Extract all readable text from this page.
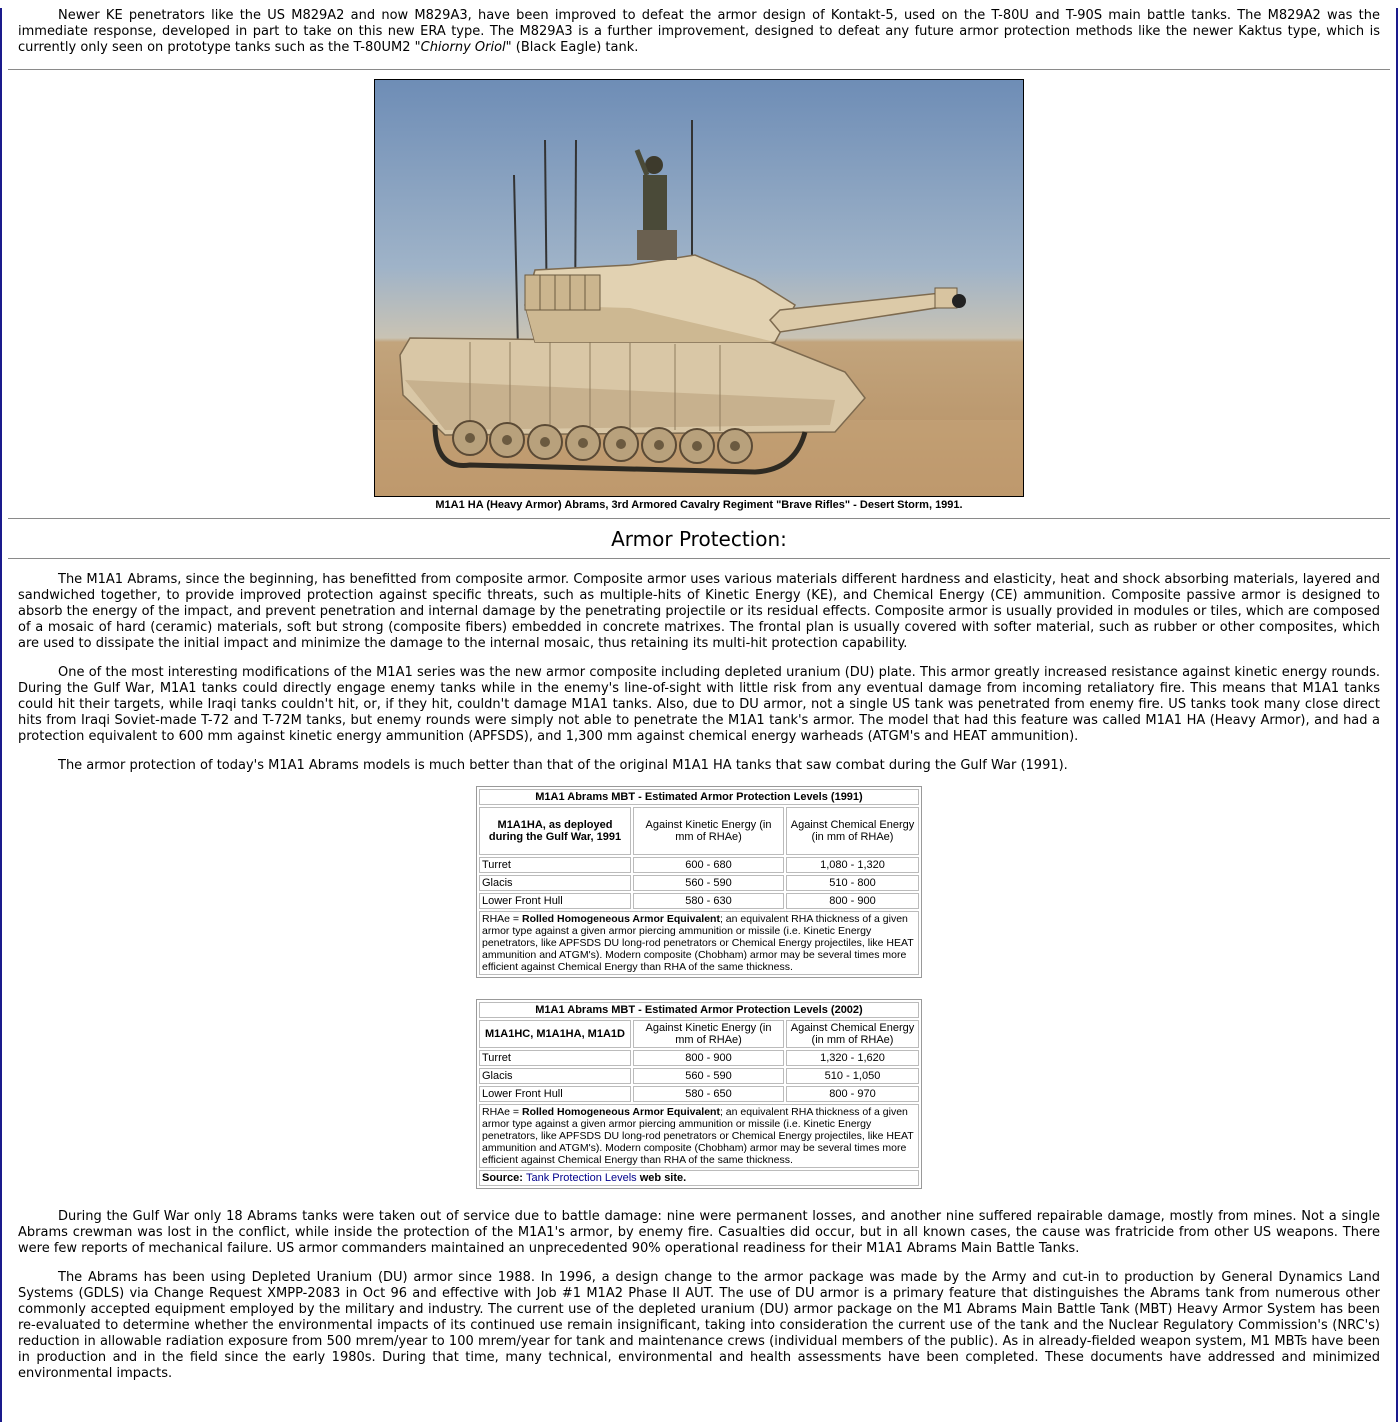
Newer KE penetrators like the US M829A2 and now M829A3, have been improved to defeat the armor design of Kontakt-5, used on the T-80U and T-90S main battle tanks. The M829A2 was the immediate response, developed in part to take on this new ERA type. The M829A3 is a further improvement, designed to defeat any future armor protection methods like the newer Kaktus type, which is currently only seen on prototype tanks such as the T-80UM2 "Chiorny Oriol" (Black Eagle) tank.

M1A1 HA (Heavy Armor) Abrams, 3rd Armored Cavalry Regiment "Brave Rifles" - Desert Storm, 1991.
Armor Protection:

The M1A1 Abrams, since the beginning, has benefitted from composite armor. Composite armor uses various materials different hardness and elasticity, heat and shock absorbing materials, layered and sandwiched together, to provide improved protection against specific threats, such as multiple-hits of Kinetic Energy (KE), and Chemical Energy (CE) ammunition. Composite passive armor is designed to absorb the energy of the impact, and prevent penetration and internal damage by the penetrating projectile or its residual effects. Composite armor is usually provided in modules or tiles, which are composed of a mosaic of hard (ceramic) materials, soft but strong (composite fibers) embedded in concrete matrixes. The frontal plan is usually covered with softer material, such as rubber or other composites, which are used to dissipate the initial impact and minimize the damage to the internal mosaic, thus retaining its multi-hit protection capability.

One of the most interesting modifications of the M1A1 series was the new armor composite including depleted uranium (DU) plate. This armor greatly increased resistance against kinetic energy rounds. During the Gulf War, M1A1 tanks could directly engage enemy tanks while in the enemy's line-of-sight with little risk from any eventual damage from incoming retaliatory fire. This means that M1A1 tanks could hit their targets, while Iraqi tanks couldn't hit, or, if they hit, couldn't damage M1A1 tanks. Also, due to DU armor, not a single US tank was penetrated from enemy fire. US tanks took many close direct hits from Iraqi Soviet-made T-72 and T-72M tanks, but enemy rounds were simply not able to penetrate the M1A1 tank's armor. The model that had this feature was called M1A1 HA (Heavy Armor), and had a protection equivalent to 600 mm against kinetic energy ammunition (APFSDS), and 1,300 mm against chemical energy warheads (ATGM's and HEAT ammunition).

The armor protection of today's M1A1 Abrams models is much better than that of the original M1A1 HA tanks that saw combat during the Gulf War (1991).

M1A1 Abrams MBT - Estimated Armor Protection Levels (1991)		
M1A1HA, as deployed during the Gulf War, 1991	Against Kinetic Energy (in mm of RHAe)	Against Chemical Energy (in mm of RHAe)
Turret	600 - 680	1,080 - 1,320
Glacis	560 - 590	510 - 800
Lower Front Hull	580 - 630	800 - 900
RHAe = Rolled Homogeneous Armor Equivalent; an equivalent RHA thickness of a given armor type against a given armor piercing ammunition or missile (i.e. Kinetic Energy penetrators, like APFSDS DU long-rod penetrators or Chemical Energy projectiles, like HEAT ammunition and ATGM's). Modern composite (Chobham) armor may be several times more efficient against Chemical Energy than RHA of the same thickness.		
M1A1 Abrams MBT - Estimated Armor Protection Levels (2002)		
M1A1HC, M1A1HA, M1A1D	Against Kinetic Energy (in mm of RHAe)	Against Chemical Energy (in mm of RHAe)
Turret	800 - 900	1,320 - 1,620
Glacis	560 - 590	510 - 1,050
Lower Front Hull	580 - 650	800 - 970
RHAe = Rolled Homogeneous Armor Equivalent; an equivalent RHA thickness of a given armor type against a given armor piercing ammunition or missile (i.e. Kinetic Energy penetrators, like APFSDS DU long-rod penetrators or Chemical Energy projectiles, like HEAT ammunition and ATGM's). Modern composite (Chobham) armor may be several times more efficient against Chemical Energy than RHA of the same thickness.		
Source: Tank Protection Levels web site.		

During the Gulf War only 18 Abrams tanks were taken out of service due to battle damage: nine were permanent losses, and another nine suffered repairable damage, mostly from mines. Not a single Abrams crewman was lost in the conflict, while inside the protection of the M1A1's armor, by enemy fire. Casualties did occur, but in all known cases, the cause was fratricide from other US weapons. There were few reports of mechanical failure. US armor commanders maintained an unprecedented 90% operational readiness for their M1A1 Abrams Main Battle Tanks.

The Abrams has been using Depleted Uranium (DU) armor since 1988. In 1996, a design change to the armor package was made by the Army and cut-in to production by General Dynamics Land Systems (GDLS) via Change Request XMPP-2083 in Oct 96 and effective with Job #1 M1A2 Phase II AUT. The use of DU armor is a primary feature that distinguishes the Abrams tank from numerous other commonly accepted equipment employed by the military and industry. The current use of the depleted uranium (DU) armor package on the M1 Abrams Main Battle Tank (MBT) Heavy Armor System has been re-evaluated to determine whether the environmental impacts of its continued use remain insignificant, taking into consideration the current use of the tank and the Nuclear Regulatory Commission's (NRC's) reduction in allowable radiation exposure from 500 mrem/year to 100 mrem/year for tank and maintenance crews (individual members of the public). As in already-fielded weapon system, M1 MBTs have been in production and in the field since the early 1980s. During that time, many technical, environmental and health assessments have been completed. These documents have addressed and minimized environmental impacts.
